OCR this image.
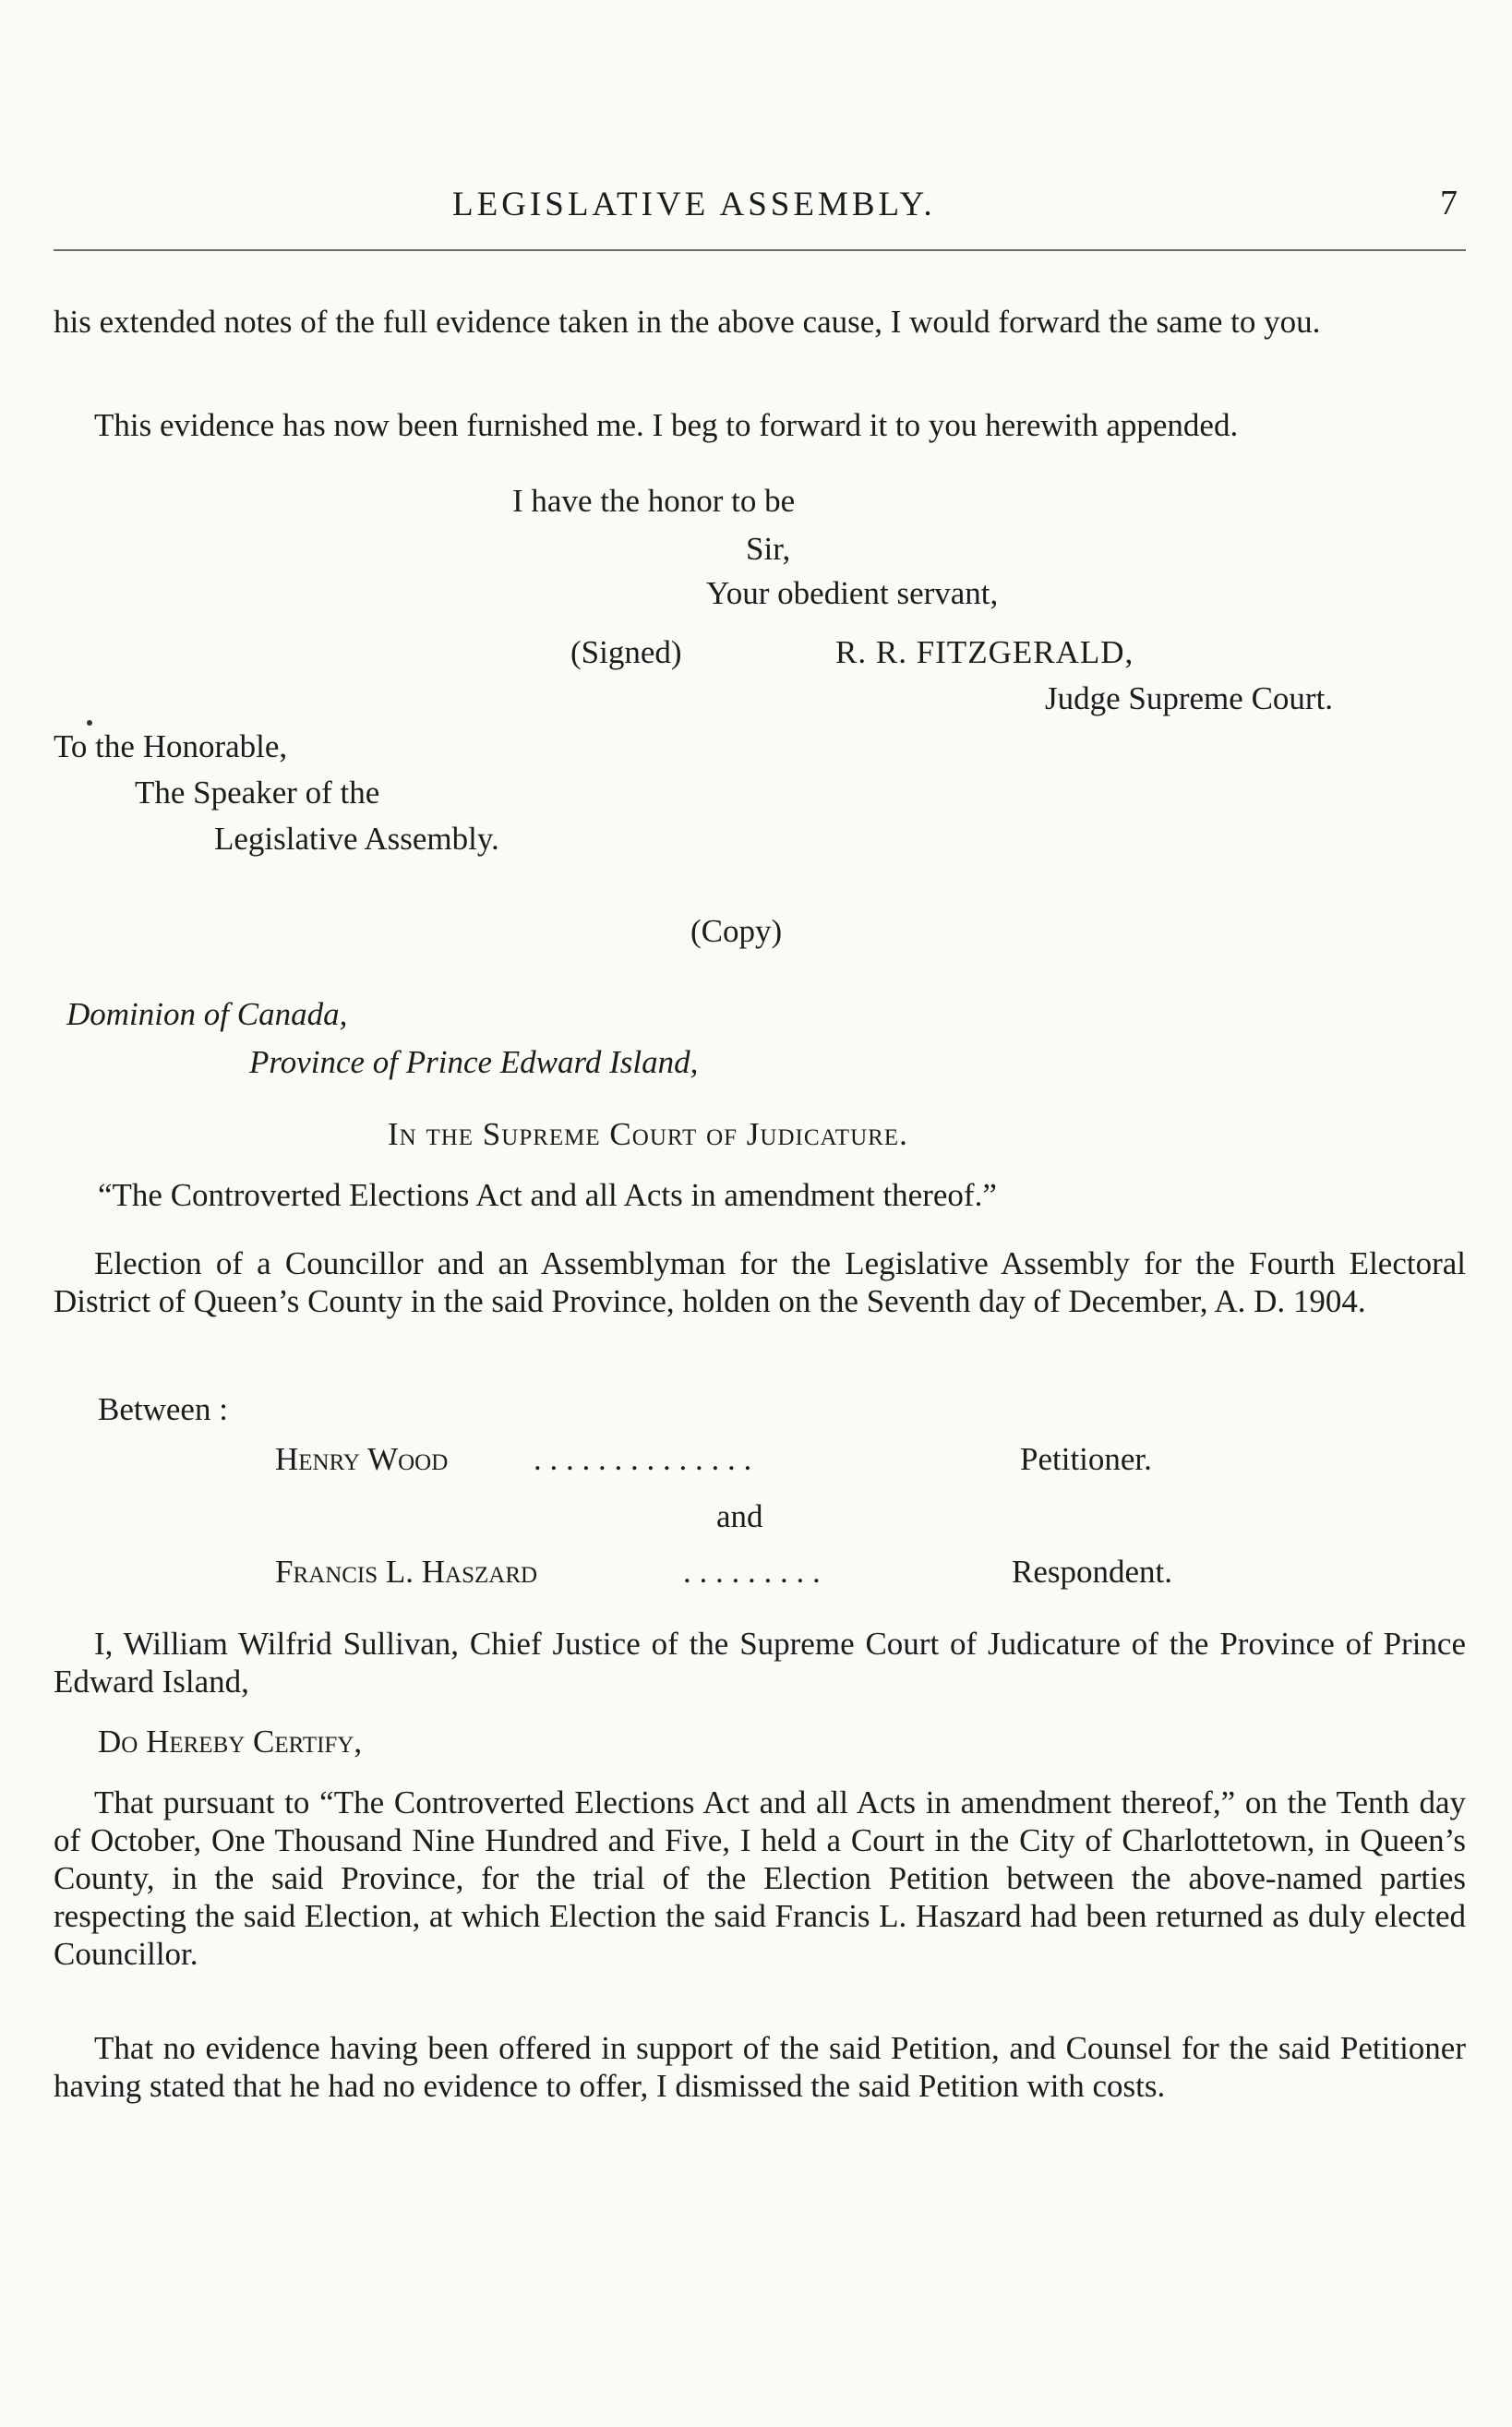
LEGISLATIVE ASSEMBLY.	7
his extended notes of the full evidence taken in the above cause, I would forward the same to you.
This evidence has now been furnished me. I beg to forward it to you herewith appended.
I have the honor to be
Sir,
Your obedient servant,
(Signed)	R. R. FITZGERALD,
Judge Supreme Court.
To the Honorable,
The Speaker of the
Legislative Assembly.
(Copy)
Dominion of Canada,
Province of Prince Edward Island,
In the Supreme Court of Judicature.
“The Controverted Elections Act and all Acts in amendment thereof.”
Election of a Councillor and an Assemblyman for the Legislative Assembly for the Fourth Electoral District of Queen’s County in the said Province, holden on the Seventh day of December, A. D. 1904.
Between :
Henry Wood	. . . . . . . . . . . . . .	Petitioner.
and
Francis L. Haszard	. . . . . . . . .	Respondent.
I, William Wilfrid Sullivan, Chief Justice of the Supreme Court of Judicature of the Province of Prince Edward Island,
Do Hereby Certify,
That pursuant to “The Controverted Elections Act and all Acts in amendment thereof,” on the Tenth day of October, One Thousand Nine Hundred and Five, I held a Court in the City of Charlottetown, in Queen’s County, in the said Province, for the trial of the Election Petition between the above-named parties respecting the said Election, at which Election the said Francis L. Haszard had been returned as duly elected Councillor.
That no evidence having been offered in support of the said Petition, and Counsel for the said Petitioner having stated that he had no evidence to offer, I dismissed the said Petition with costs.
